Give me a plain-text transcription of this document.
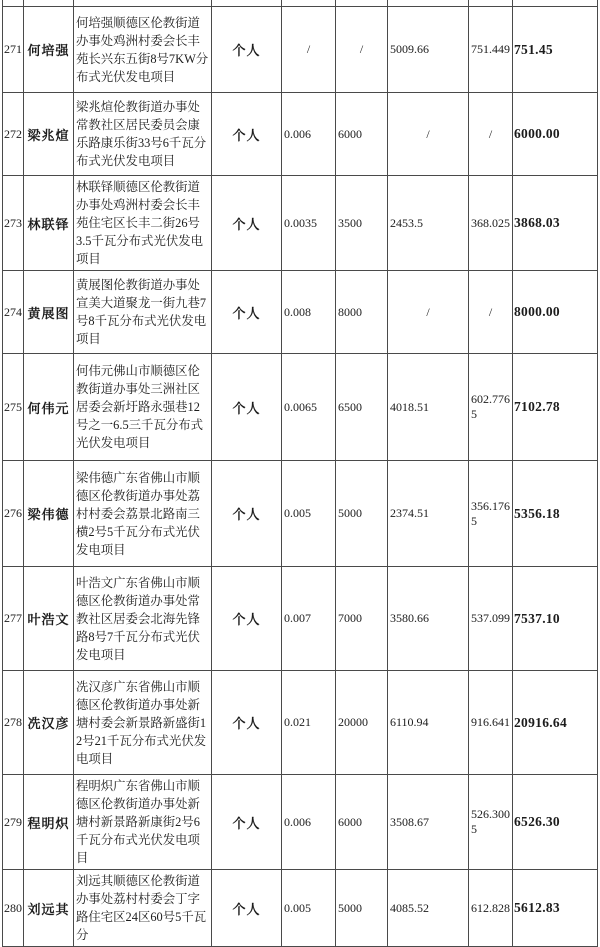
271	何培强	何培强顺德区伦教街道办事处鸡洲村委会长丰苑长兴东五街8号7KW分布式光伏发电项目	个人	/	/	5009.66	751.449	751.45
272	梁兆煊	梁兆煊伦教街道办事处常教社区居民委员会康乐路康乐街33号6千瓦分布式光伏发电项目	个人	0.006	6000	/	/	6000.00
273	林联铎	林联铎顺德区伦教街道办事处鸡洲村委会长丰苑住宅区长丰二街26号3.5千瓦分布式光伏发电项目	个人	0.0035	3500	2453.5	368.025	3868.03
274	黄展图	黄展图伦教街道办事处宣美大道聚龙一街九巷7号8千瓦分布式光伏发电项目	个人	0.008	8000	/	/	8000.00
275	何伟元	何伟元佛山市顺德区伦教街道办事处三洲社区居委会新圩路永强巷12号之一6.5三千瓦分布式光伏发电项目	个人	0.0065	6500	4018.51	602.7765	7102.78
276	梁伟德	梁伟德广东省佛山市顺德区伦教街道办事处荔村村委会荔景北路南三横2号5千瓦分布式光伏发电项目	个人	0.005	5000	2374.51	356.1765	5356.18
277	叶浩文	叶浩文广东省佛山市顺德区伦教街道办事处常教社区居委会北海先锋路8号7千瓦分布式光伏发电项目	个人	0.007	7000	3580.66	537.099	7537.10
278	冼汉彦	冼汉彦广东省佛山市顺德区伦教街道办事处新塘村委会新景路新盛街12号21千瓦分布式光伏发电项目	个人	0.021	20000	6110.94	916.641	20916.64
279	程明炽	程明炽广东省佛山市顺德区伦教街道办事处新塘村新景路新康街2号6千瓦分布式光伏发电项目	个人	0.006	6000	3508.67	526.3005	6526.30
280	刘远其	刘远其顺德区伦教街道办事处荔村村委会丁字路住宅区24区60号5千瓦分	个人	0.005	5000	4085.52	612.828	5612.83
